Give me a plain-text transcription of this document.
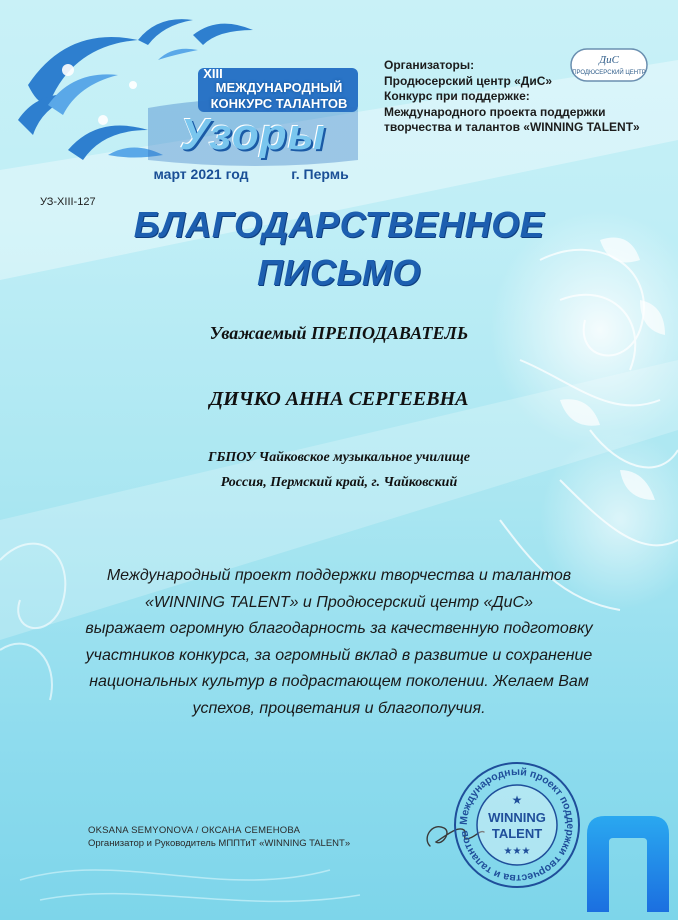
XIII
МЕЖДУНАРОДНЫЙ
КОНКУРС ТАЛАНТОВ
Узоры
март 2021 год	г. Пермь
Организаторы:
Продюсерский центр «ДиС»
Конкурс при поддержке:
Международного проекта поддержки
творчества и талантов «WINNING TALENT»
ДиС
ПРОДЮСЕРСКИЙ ЦЕНТР
УЗ-XIII-127
БЛАГОДАРСТВЕННОЕ
ПИСЬМО
Уважаемый ПРЕПОДАВАТЕЛЬ
ДИЧКО АННА СЕРГЕЕВНА
ГБПОУ Чайковское музыкальное училище
Россия, Пермский край, г. Чайковский
Международный проект поддержки творчества и талантов
«WINNING TALENT» и Продюсерский центр «ДиС»
выражает огромную благодарность за качественную подготовку
участников конкурса, за огромный вклад в развитие и сохранение
национальных культур в подрастающем поколении. Желаем Вам
успехов, процветания и благополучия.
OKSANA SEMYONOVA / ОКСАНА СЕМЕНОВА
Организатор и Руководитель МППТиТ «WINNING TALENT»
Международный проект поддержки творчества и талантов
★
WINNING
TALENT
★★★
